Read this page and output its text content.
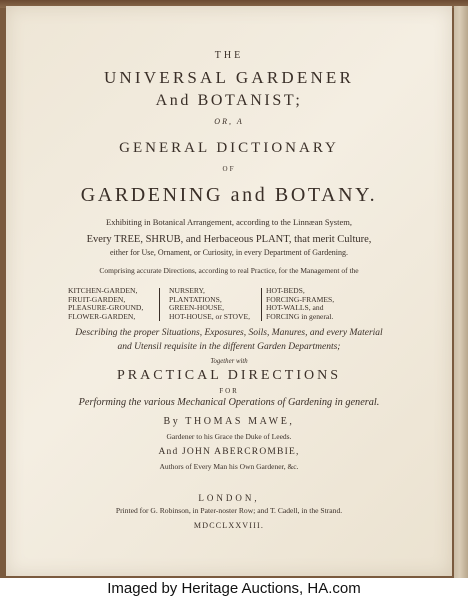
THE
UNIVERSAL GARDENER
And BOTANIST;
OR, A
GENERAL DICTIONARY
OF
GARDENING and BOTANY.
Exhibiting in Botanical Arrangement, according to the Linnæan System,
Every TREE, SHRUB, and Herbaceous PLANT, that merit Culture,
either for Use, Ornament, or Curiosity, in every Department of Gardening.
Comprising accurate Directions, according to real Practice, for the Management of the
KITCHEN-GARDEN,
FRUIT-GARDEN,
PLEASURE-GROUND,
FLOWER-GARDEN,
NURSERY,
PLANTATIONS,
GREEN-HOUSE,
HOT-HOUSE, or STOVE,
HOT-BEDS,
FORCING-FRAMES,
HOT-WALLS, and
FORCING in general.
Describing the proper Situations, Exposures, Soils, Manures, and every Material
and Utensil requisite in the different Garden Departments;
Together with
PRACTICAL DIRECTIONS
FOR
Performing the various Mechanical Operations of Gardening in general.
By THOMAS MAWE,
Gardener to his Grace the Duke of Leeds.
And JOHN ABERCROMBIE,
Authors of Every Man his Own Gardener, &c.
LONDON,
Printed for G. Robinson, in Pater-noster Row; and T. Cadell, in the Strand.
MDCCLXXVIII.
Imaged by Heritage Auctions, HA.com
